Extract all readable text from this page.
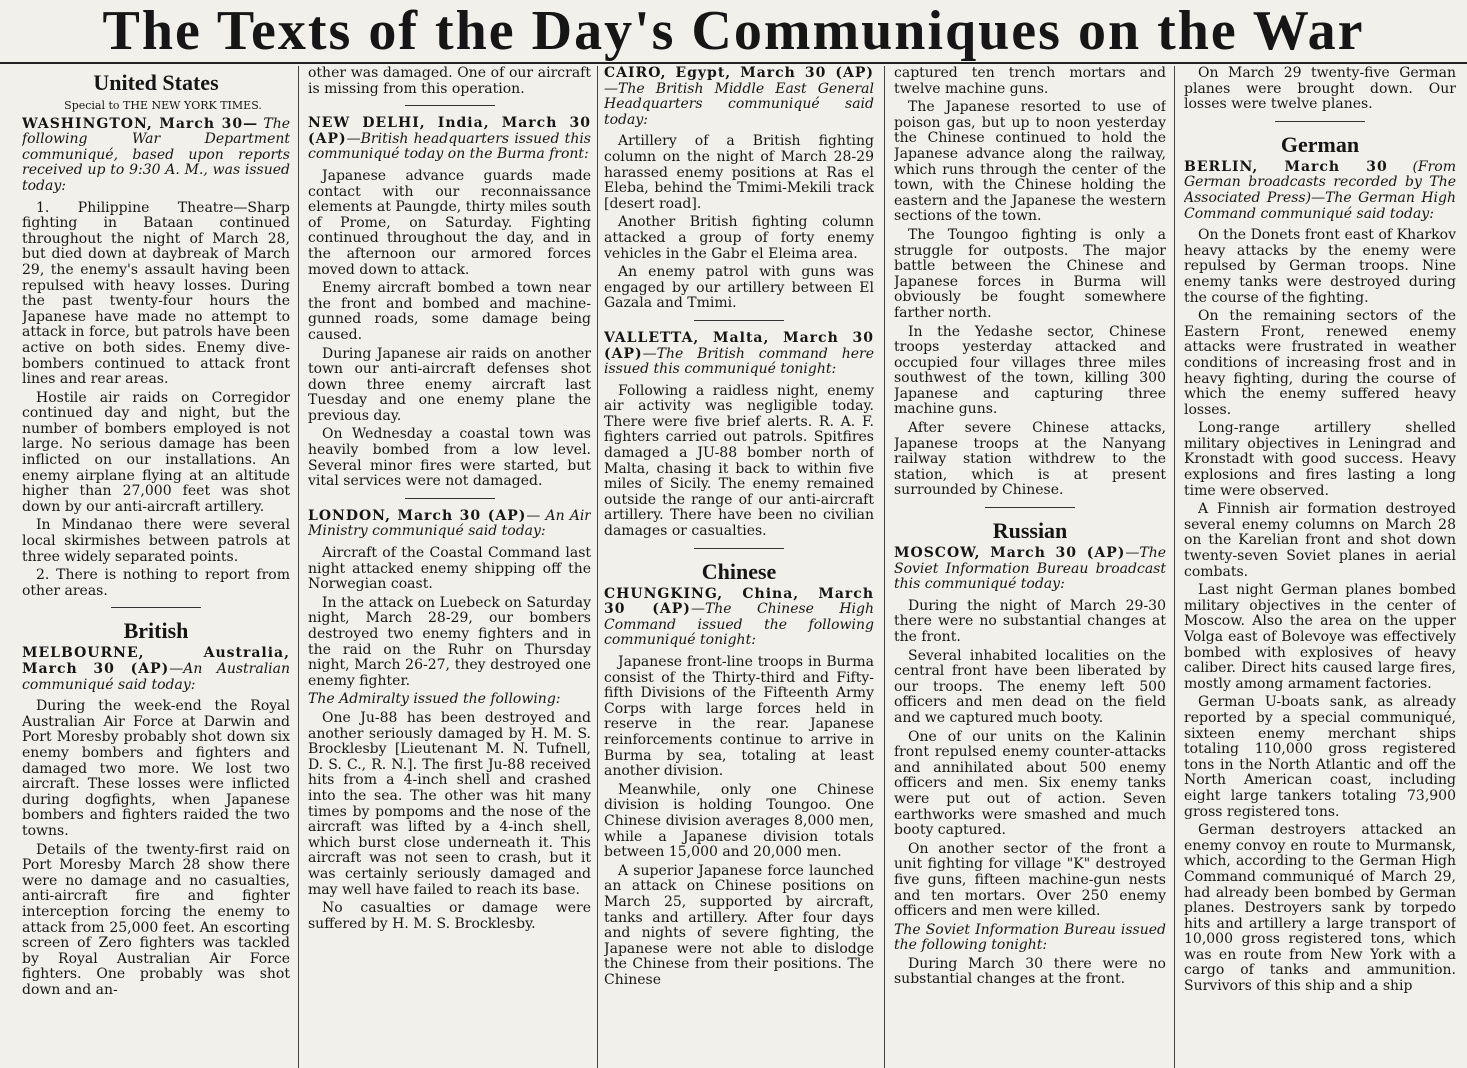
The Texts of the Day's Communiques on the War
United States

Special to THE NEW YORK TIMES.

WASHINGTON, March 30— The following War Department communiqué, based upon reports received up to 9:30 A. M., was issued today:

1. Philippine Theatre—Sharp fighting in Bataan continued throughout the night of March 28, but died down at daybreak of March 29, the enemy's assault having been repulsed with heavy losses. During the past twenty-four hours the Japanese have made no attempt to attack in force, but patrols have been active on both sides. Enemy dive-bombers continued to attack front lines and rear areas.

Hostile air raids on Corregidor continued day and night, but the number of bombers employed is not large. No serious damage has been inflicted on our installations. An enemy airplane flying at an altitude higher than 27,000 feet was shot down by our anti-aircraft artillery.

In Mindanao there were several local skirmishes between patrols at three widely separated points.

2. There is nothing to report from other areas.

British

MELBOURNE, Australia, March 30 (AP)—An Australian communiqué said today:

During the week-end the Royal Australian Air Force at Darwin and Port Moresby probably shot down six enemy bombers and fighters and damaged two more. We lost two aircraft. These losses were inflicted during dogfights, when Japanese bombers and fighters raided the two towns.

Details of the twenty-first raid on Port Moresby March 28 show there were no damage and no casualties, anti-aircraft fire and fighter interception forcing the enemy to attack from 25,000 feet. An escorting screen of Zero fighters was tackled by Royal Australian Air Force fighters. One probably was shot down and an-

other was damaged. One of our aircraft is missing from this operation.

NEW DELHI, India, March 30 (AP)—British headquarters issued this communiqué today on the Burma front:

Japanese advance guards made contact with our reconnaissance elements at Paungde, thirty miles south of Prome, on Saturday. Fighting continued throughout the day, and in the afternoon our armored forces moved down to attack.

Enemy aircraft bombed a town near the front and bombed and machine-gunned roads, some damage being caused.

During Japanese air raids on another town our anti-aircraft defenses shot down three enemy aircraft last Tuesday and one enemy plane the previous day.

On Wednesday a coastal town was heavily bombed from a low level. Several minor fires were started, but vital services were not damaged.

LONDON, March 30 (AP)— An Air Ministry communiqué said today:

Aircraft of the Coastal Command last night attacked enemy shipping off the Norwegian coast.

In the attack on Luebeck on Saturday night, March 28-29, our bombers destroyed two enemy fighters and in the raid on the Ruhr on Thursday night, March 26-27, they destroyed one enemy fighter.

The Admiralty issued the following:

One Ju-88 has been destroyed and another seriously damaged by H. M. S. Brocklesby [Lieutenant M. N. Tufnell, D. S. C., R. N.]. The first Ju-88 received hits from a 4-inch shell and crashed into the sea. The other was hit many times by pompoms and the nose of the aircraft was lifted by a 4-inch shell, which burst close underneath it. This aircraft was not seen to crash, but it was certainly seriously damaged and may well have failed to reach its base.

No casualties or damage were suffered by H. M. S. Brocklesby.

CAIRO, Egypt, March 30 (AP)—The British Middle East General Headquarters communiqué said today:

Artillery of a British fighting column on the night of March 28-29 harassed enemy positions at Ras el Eleba, behind the Tmimi-Mekili track [desert road].

Another British fighting column attacked a group of forty enemy vehicles in the Gabr el Eleima area.

An enemy patrol with guns was engaged by our artillery between El Gazala and Tmimi.

VALLETTA, Malta, March 30 (AP)—The British command here issued this communiqué tonight:

Following a raidless night, enemy air activity was negligible today. There were five brief alerts. R. A. F. fighters carried out patrols. Spitfires damaged a JU-88 bomber north of Malta, chasing it back to within five miles of Sicily. The enemy remained outside the range of our anti-aircraft artillery. There have been no civilian damages or casualties.

Chinese

CHUNGKING, China, March 30 (AP)—The Chinese High Command issued the following communiqué tonight:

Japanese front-line troops in Burma consist of the Thirty-third and Fifty-fifth Divisions of the Fifteenth Army Corps with large forces held in reserve in the rear. Japanese reinforcements continue to arrive in Burma by sea, totaling at least another division.

Meanwhile, only one Chinese division is holding Toungoo. One Chinese division averages 8,000 men, while a Japanese division totals between 15,000 and 20,000 men.

A superior Japanese force launched an attack on Chinese positions on March 25, supported by aircraft, tanks and artillery. After four days and nights of severe fighting, the Japanese were not able to dislodge the Chinese from their positions. The Chinese

captured ten trench mortars and twelve machine guns.

The Japanese resorted to use of poison gas, but up to noon yesterday the Chinese continued to hold the Japanese advance along the railway, which runs through the center of the town, with the Chinese holding the eastern and the Japanese the western sections of the town.

The Toungoo fighting is only a struggle for outposts. The major battle between the Chinese and Japanese forces in Burma will obviously be fought somewhere farther north.

In the Yedashe sector, Chinese troops yesterday attacked and occupied four villages three miles southwest of the town, killing 300 Japanese and capturing three machine guns.

After severe Chinese attacks, Japanese troops at the Nanyang railway station withdrew to the station, which is at present surrounded by Chinese.

Russian

MOSCOW, March 30 (AP)—The Soviet Information Bureau broadcast this communiqué today:

During the night of March 29-30 there were no substantial changes at the front.

Several inhabited localities on the central front have been liberated by our troops. The enemy left 500 officers and men dead on the field and we captured much booty.

One of our units on the Kalinin front repulsed enemy counter-attacks and annihilated about 500 enemy officers and men. Six enemy tanks were put out of action. Seven earthworks were smashed and much booty captured.

On another sector of the front a unit fighting for village "K" destroyed five guns, fifteen machine-gun nests and ten mortars. Over 250 enemy officers and men were killed.

The Soviet Information Bureau issued the following tonight:

During March 30 there were no substantial changes at the front.

On March 29 twenty-five German planes were brought down. Our losses were twelve planes.

German

BERLIN, March 30 (From German broadcasts recorded by The Associated Press)—The German High Command communiqué said today:

On the Donets front east of Kharkov heavy attacks by the enemy were repulsed by German troops. Nine enemy tanks were destroyed during the course of the fighting.

On the remaining sectors of the Eastern Front, renewed enemy attacks were frustrated in weather conditions of increasing frost and in heavy fighting, during the course of which the enemy suffered heavy losses.

Long-range artillery shelled military objectives in Leningrad and Kronstadt with good success. Heavy explosions and fires lasting a long time were observed.

A Finnish air formation destroyed several enemy columns on March 28 on the Karelian front and shot down twenty-seven Soviet planes in aerial combats.

Last night German planes bombed military objectives in the center of Moscow. Also the area on the upper Volga east of Bolevoye was effectively bombed with explosives of heavy caliber. Direct hits caused large fires, mostly among armament factories.

German U-boats sank, as already reported by a special communiqué, sixteen enemy merchant ships totaling 110,000 gross registered tons in the North Atlantic and off the North American coast, including eight large tankers totaling 73,900 gross registered tons.

German destroyers attacked an enemy convoy en route to Murmansk, which, according to the German High Command communiqué of March 29, had already been bombed by German planes. Destroyers sank by torpedo hits and artillery a large transport of 10,000 gross registered tons, which was en route from New York with a cargo of tanks and ammunition. Survivors of this ship and a ship
